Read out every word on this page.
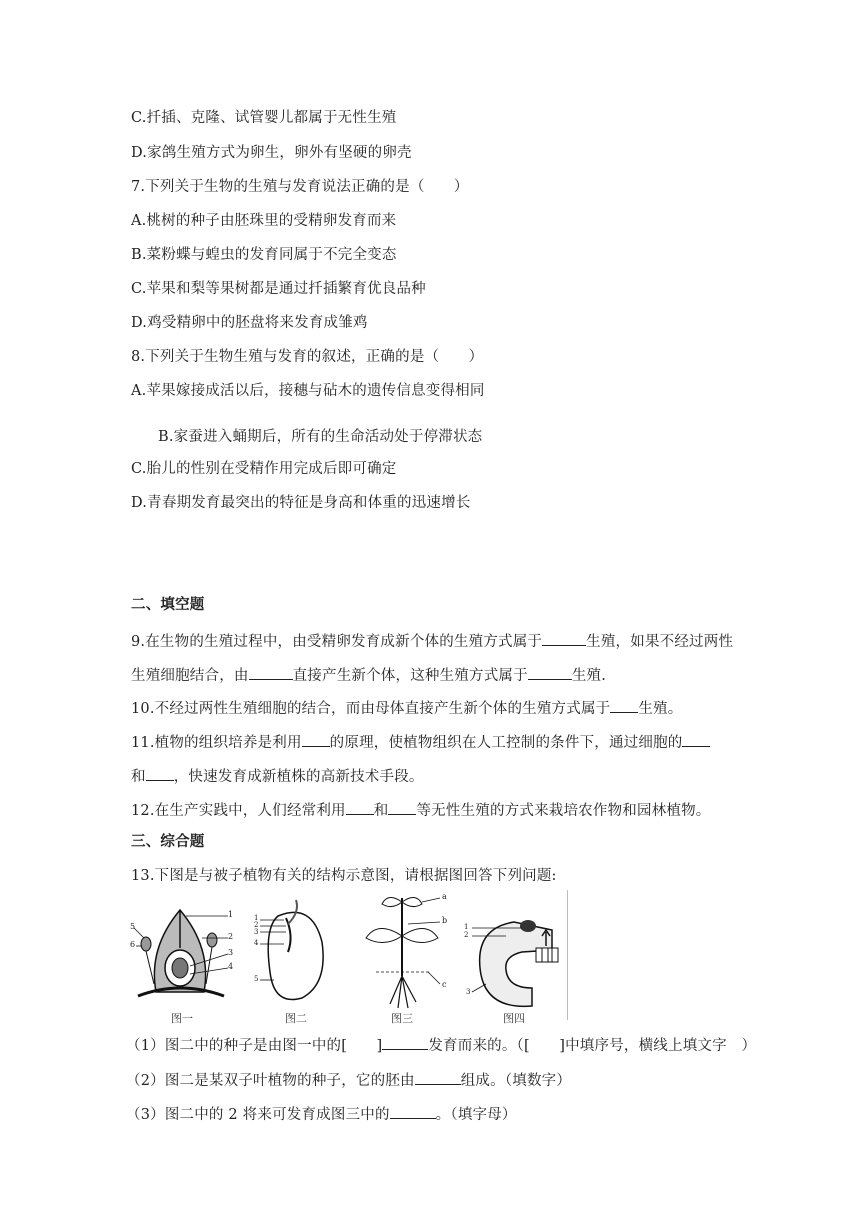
C.扦插、克隆、试管婴儿都属于无性生殖
D.家鸽生殖方式为卵生，卵外有坚硬的卵壳
7.下列关于生物的生殖与发育说法正确的是（　　）
A.桃树的种子由胚珠里的受精卵发育而来
B.菜粉蝶与蝗虫的发育同属于不完全变态
C.苹果和梨等果树都是通过扦插繁育优良品种
D.鸡受精卵中的胚盘将来发育成雏鸡
8.下列关于生物生殖与发育的叙述，正确的是（　　）
A.苹果嫁接成活以后，接穗与砧木的遗传信息变得相同
B.家蚕进入蛹期后，所有的生命活动处于停滞状态
C.胎儿的性别在受精作用完成后即可确定
D.青春期发育最突出的特征是身高和体重的迅速增长
二、填空题
9.在生物的生殖过程中，由受精卵发育成新个体的生殖方式属于	生殖，如果不经过两性
生殖细胞结合，由	直接产生新个体，这种生殖方式属于	生殖.
10.不经过两性生殖细胞的结合，而由母体直接产生新个体的生殖方式属于 生殖。
11.植物的组织培养是利用 的原理，使植物组织在人工控制的条件下，通过细胞的
和 ，快速发育成新植株的高新技术手段。
12.在生产实践中，人们经常利用 和 等无性生殖的方式来栽培农作物和园林植物。
三、综合题
13.下图是与被子植物有关的结构示意图，请根据图回答下列问题:
1
2
3
4
5
6
图一
1
2
3
4
5
图二
a
b
c
图三
1
2
3
图四
（1）图二中的种子是由图一中的[　　]	发育而来的。（[　　]中填序号，横线上填文字　）
（2）图二是某双子叶植物的种子，它的胚由	组成。（填数字）
（3）图二中的 2 将来可发育成图三中的	。（填字母）
